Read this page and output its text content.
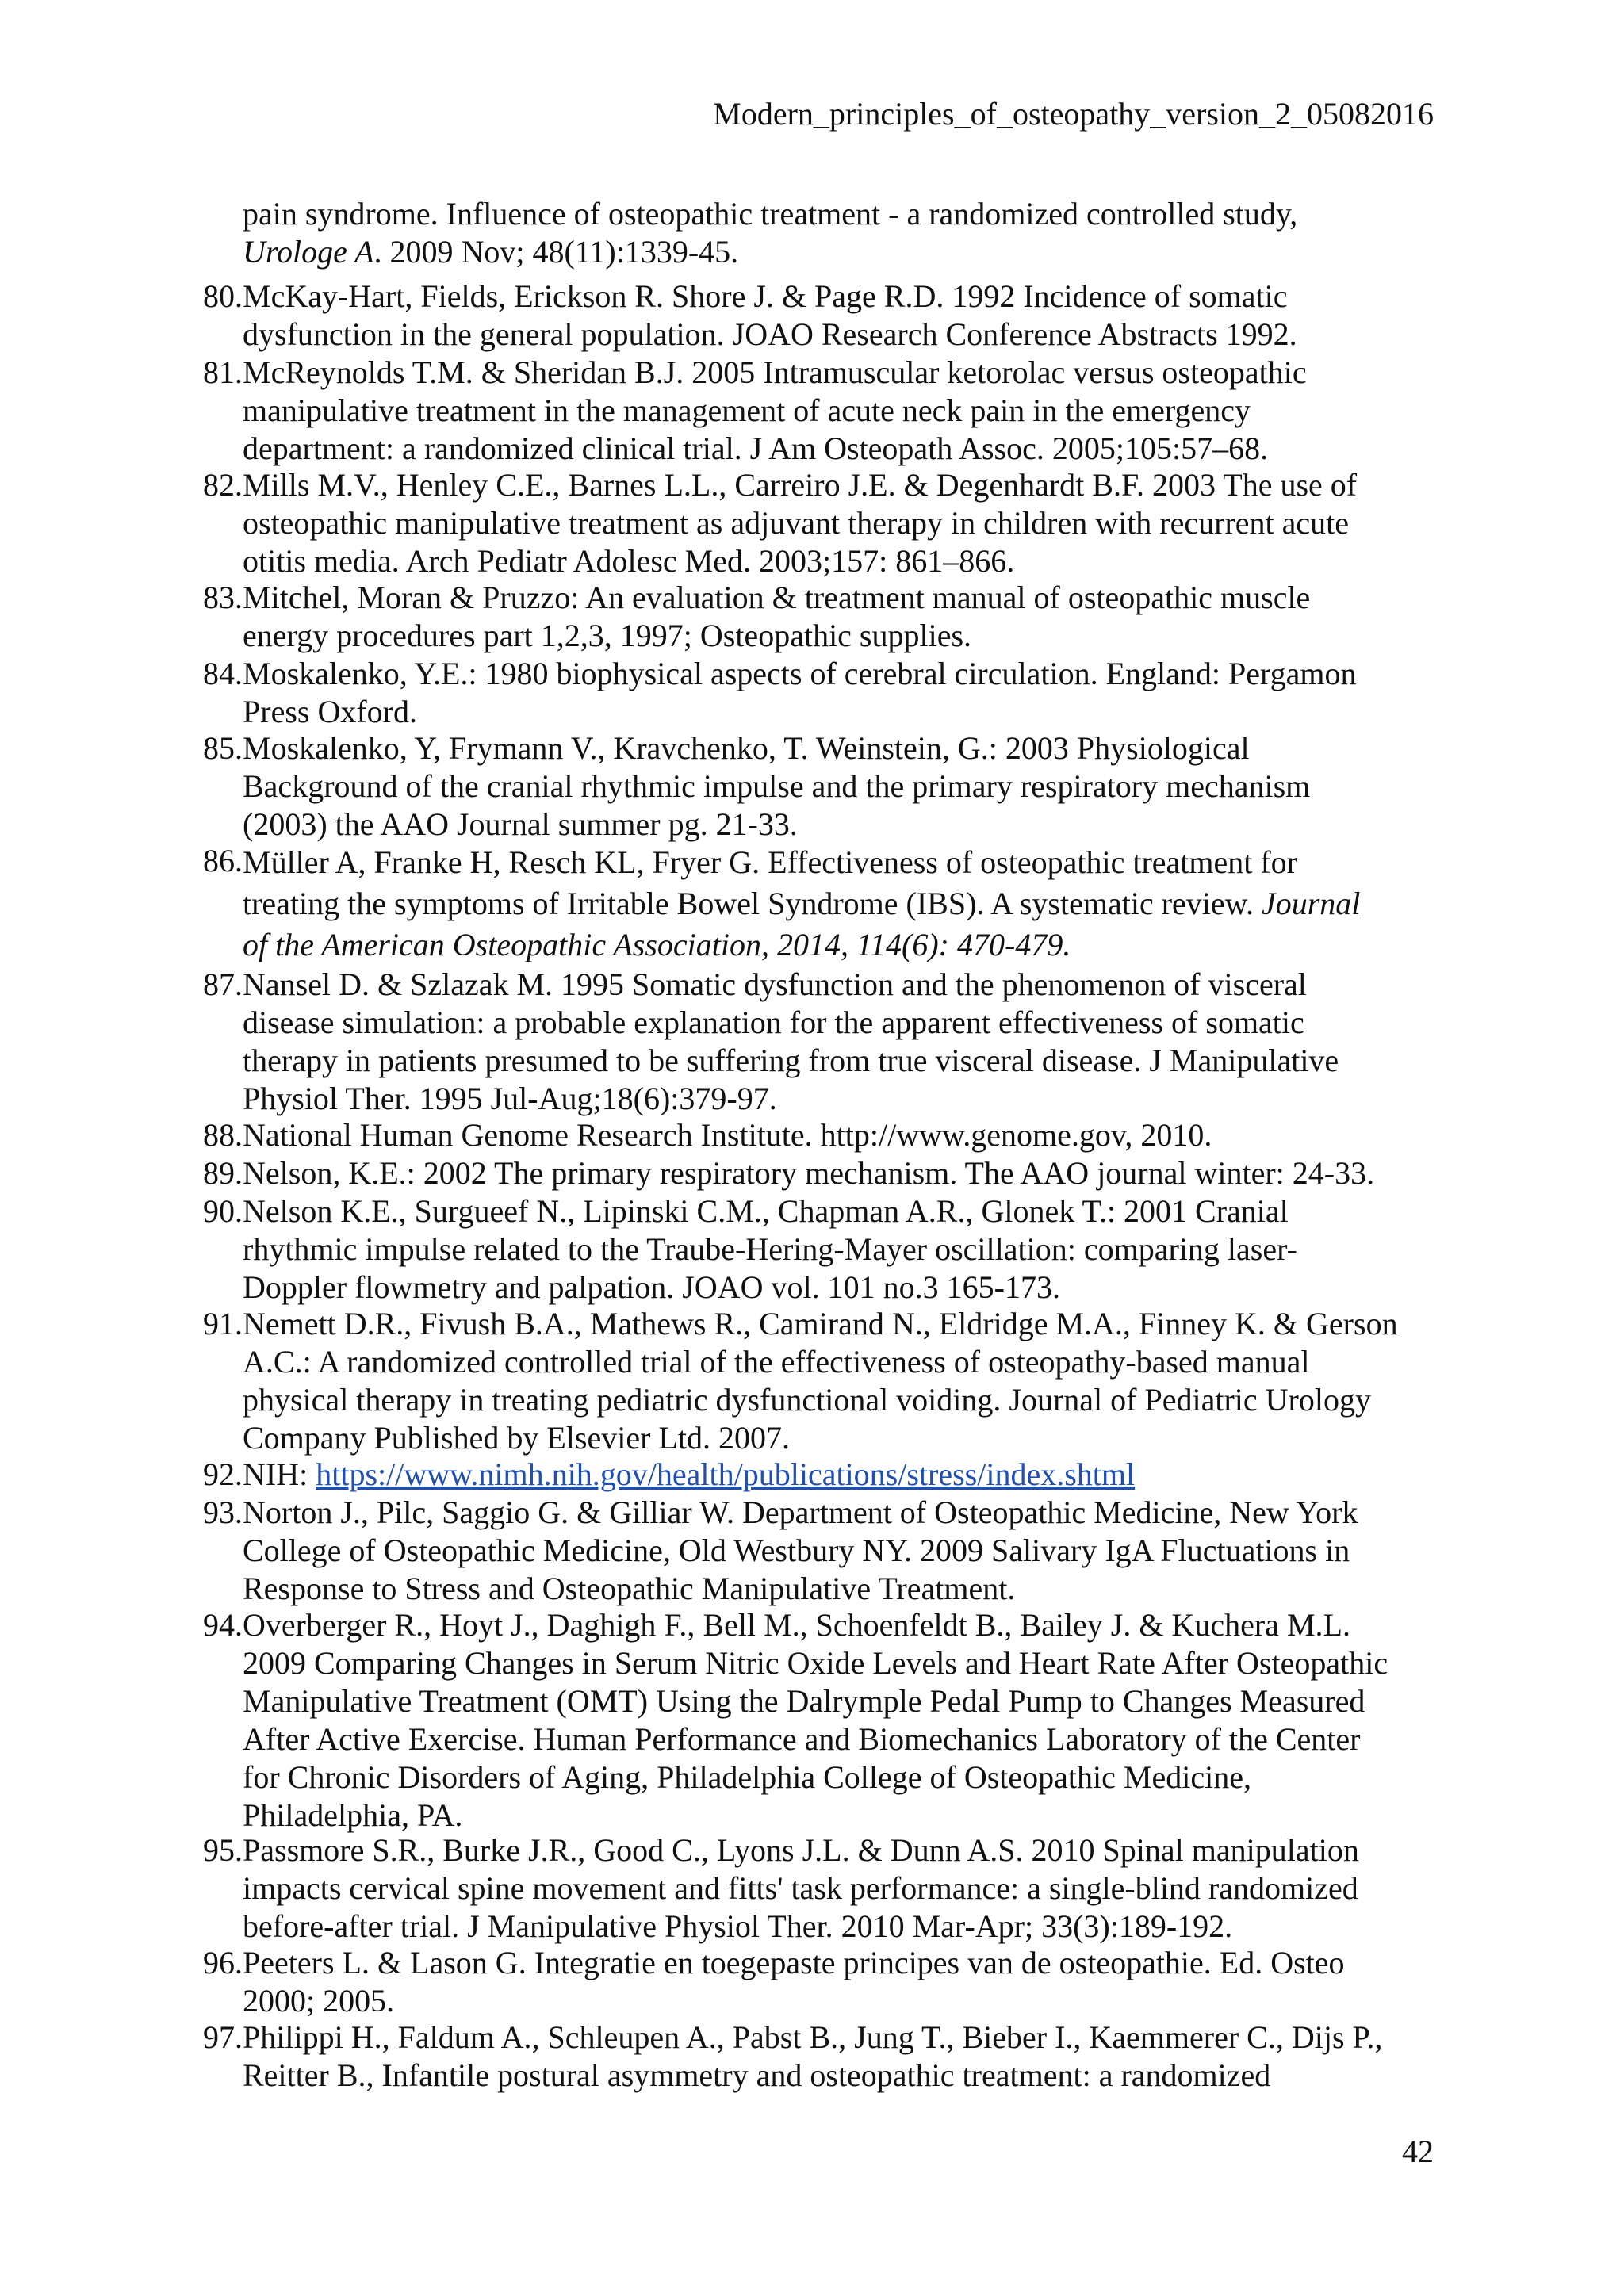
Modern_principles_of_osteopathy_version_2_05082016
pain syndrome. Influence of osteopathic treatment - a randomized controlled study,
Urologe A. 2009 Nov; 48(11):1339-45.
80. McKay-Hart, Fields, Erickson R. Shore J. & Page R.D. 1992 Incidence of somatic
dysfunction in the general population. JOAO Research Conference Abstracts 1992.
81. McReynolds T.M. & Sheridan B.J. 2005 Intramuscular ketorolac versus osteopathic
manipulative treatment in the management of acute neck pain in the emergency
department: a randomized clinical trial. J Am Osteopath Assoc. 2005;105:57–68.
82. Mills M.V., Henley C.E., Barnes L.L., Carreiro J.E. & Degenhardt B.F. 2003 The use of
osteopathic manipulative treatment as adjuvant therapy in children with recurrent acute
otitis media. Arch Pediatr Adolesc Med. 2003;157: 861–866.
83. Mitchel, Moran & Pruzzo: An evaluation & treatment manual of osteopathic muscle
energy procedures part 1,2,3, 1997; Osteopathic supplies.
84. Moskalenko, Y.E.: 1980 biophysical aspects of cerebral circulation. England: Pergamon
Press Oxford.
85. Moskalenko, Y, Frymann V., Kravchenko, T. Weinstein, G.: 2003 Physiological
Background of the cranial rhythmic impulse and the primary respiratory mechanism
(2003) the AAO Journal summer pg. 21-33.
86. Müller A, Franke H, Resch KL, Fryer G. Effectiveness of osteopathic treatment for
treating the symptoms of Irritable Bowel Syndrome (IBS). A systematic review. Journal
of the American Osteopathic Association, 2014, 114(6): 470-479.
87. Nansel D. & Szlazak M. 1995 Somatic dysfunction and the phenomenon of visceral
disease simulation: a probable explanation for the apparent effectiveness of somatic
therapy in patients presumed to be suffering from true visceral disease. J Manipulative
Physiol Ther. 1995 Jul-Aug;18(6):379-97.
88. National Human Genome Research Institute. http://www.genome.gov, 2010.
89. Nelson, K.E.: 2002 The primary respiratory mechanism. The AAO journal winter: 24-33.
90. Nelson K.E., Surgueef N., Lipinski C.M., Chapman A.R., Glonek T.: 2001 Cranial
rhythmic impulse related to the Traube-Hering-Mayer oscillation: comparing laser-
Doppler flowmetry and palpation. JOAO vol. 101 no.3 165-173.
91. Nemett D.R., Fivush B.A., Mathews R., Camirand N., Eldridge M.A., Finney K. & Gerson
A.C.: A randomized controlled trial of the effectiveness of osteopathy-based manual
physical therapy in treating pediatric dysfunctional voiding. Journal of Pediatric Urology
Company Published by Elsevier Ltd. 2007.
92. NIH: https://www.nimh.nih.gov/health/publications/stress/index.shtml
93. Norton J., Pilc, Saggio G. & Gilliar W. Department of Osteopathic Medicine, New York
College of Osteopathic Medicine, Old Westbury NY. 2009 Salivary IgA Fluctuations in
Response to Stress and Osteopathic Manipulative Treatment.
94. Overberger R., Hoyt J., Daghigh F., Bell M., Schoenfeldt B., Bailey J. & Kuchera M.L.
2009 Comparing Changes in Serum Nitric Oxide Levels and Heart Rate After Osteopathic
Manipulative Treatment (OMT) Using the Dalrymple Pedal Pump to Changes Measured
After Active Exercise. Human Performance and Biomechanics Laboratory of the Center
for Chronic Disorders of Aging, Philadelphia College of Osteopathic Medicine,
Philadelphia, PA.
95. Passmore S.R., Burke J.R., Good C., Lyons J.L. & Dunn A.S. 2010 Spinal manipulation
impacts cervical spine movement and fitts' task performance: a single-blind randomized
before-after trial. J Manipulative Physiol Ther. 2010 Mar-Apr; 33(3):189-192.
96. Peeters L. & Lason G. Integratie en toegepaste principes van de osteopathie. Ed. Osteo
2000; 2005.
97. Philippi H., Faldum A., Schleupen A., Pabst B., Jung T., Bieber I., Kaemmerer C., Dijs P.,
Reitter B., Infantile postural asymmetry and osteopathic treatment: a randomized
42
